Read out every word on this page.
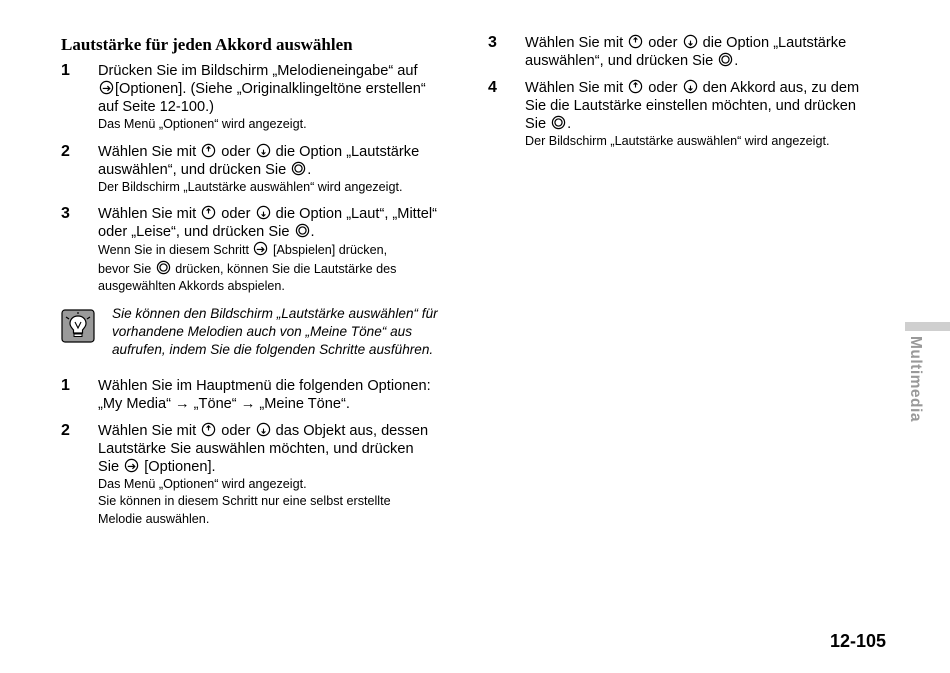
Lautstärke für jeden Akkord auswählen
1 Drücken Sie im Bildschirm „Melodieneingabe“ auf
[Optionen]. (Siehe „Originalklingeltöne erstellen“
auf Seite 12-100.)
Das Menü „Optionen“ wird angezeigt.
2 Wählen Sie mit oder die Option „Lautstärke
auswählen“, und drücken Sie .
Der Bildschirm „Lautstärke auswählen“ wird angezeigt.
3 Wählen Sie mit oder die Option „Laut“, „Mittel“
oder „Leise“, und drücken Sie .
Wenn Sie in diesem Schritt [Abspielen] drücken,
bevor Sie drücken, können Sie die Lautstärke des
ausgewählten Akkords abspielen.
Sie können den Bildschirm „Lautstärke auswählen“ für
vorhandene Melodien auch von „Meine Töne“ aus
aufrufen, indem Sie die folgenden Schritte ausführen.
1 Wählen Sie im Hauptmenü die folgenden Optionen:
„My Media“ → „Töne“ → „Meine Töne“.
2 Wählen Sie mit oder das Objekt aus, dessen
Lautstärke Sie auswählen möchten, und drücken
Sie [Optionen].
Das Menü „Optionen“ wird angezeigt.
Sie können in diesem Schritt nur eine selbst erstellte
Melodie auswählen.
3 Wählen Sie mit oder die Option „Lautstärke
auswählen“, und drücken Sie .
4 Wählen Sie mit oder den Akkord aus, zu dem
Sie die Lautstärke einstellen möchten, und drücken
Sie .
Der Bildschirm „Lautstärke auswählen“ wird angezeigt.
Multimedia
12-105
